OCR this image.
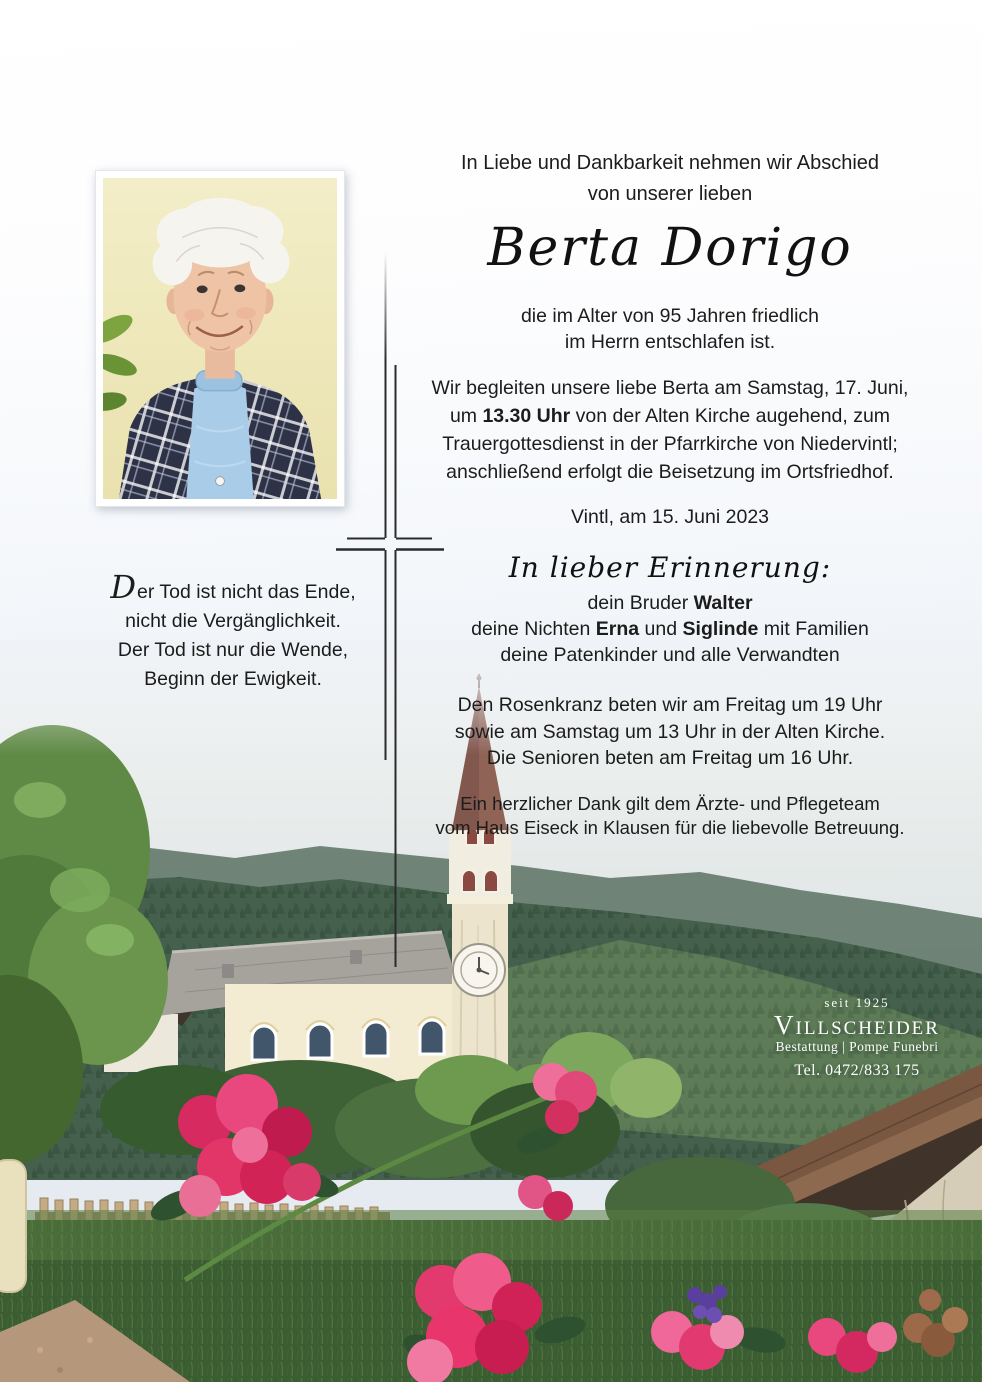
In Liebe und Dankbarkeit nehmen wir Abschied
von unserer lieben
Berta Dorigo
die im Alter von 95 Jahren friedlich
im Herrn entschlafen ist.
Wir begleiten unsere liebe Berta am Samstag, 17. Juni,
um 13.30 Uhr von der Alten Kirche augehend, zum
Trauergottesdienst in der Pfarrkirche von Niedervintl;
anschließend erfolgt die Beisetzung im Ortsfriedhof.
Vintl, am 15. Juni 2023
In lieber Erinnerung:
dein Bruder Walter
deine Nichten Erna und Siglinde mit Familien
deine Patenkinder und alle Verwandten
Den Rosenkranz beten wir am Freitag um 19 Uhr
sowie am Samstag um 13 Uhr in der Alten Kirche.
Die Senioren beten am Freitag um 16 Uhr.
Ein herzlicher Dank gilt dem Ärzte- und Pflegeteam
vom Haus Eiseck in Klausen für die liebevolle Betreuung.
Der Tod ist nicht das Ende,
nicht die Vergänglichkeit.
Der Tod ist nur die Wende,
Beginn der Ewigkeit.
seit 1925
Villscheider
Bestattung | Pompe Funebri
Tel. 0472/833 175
